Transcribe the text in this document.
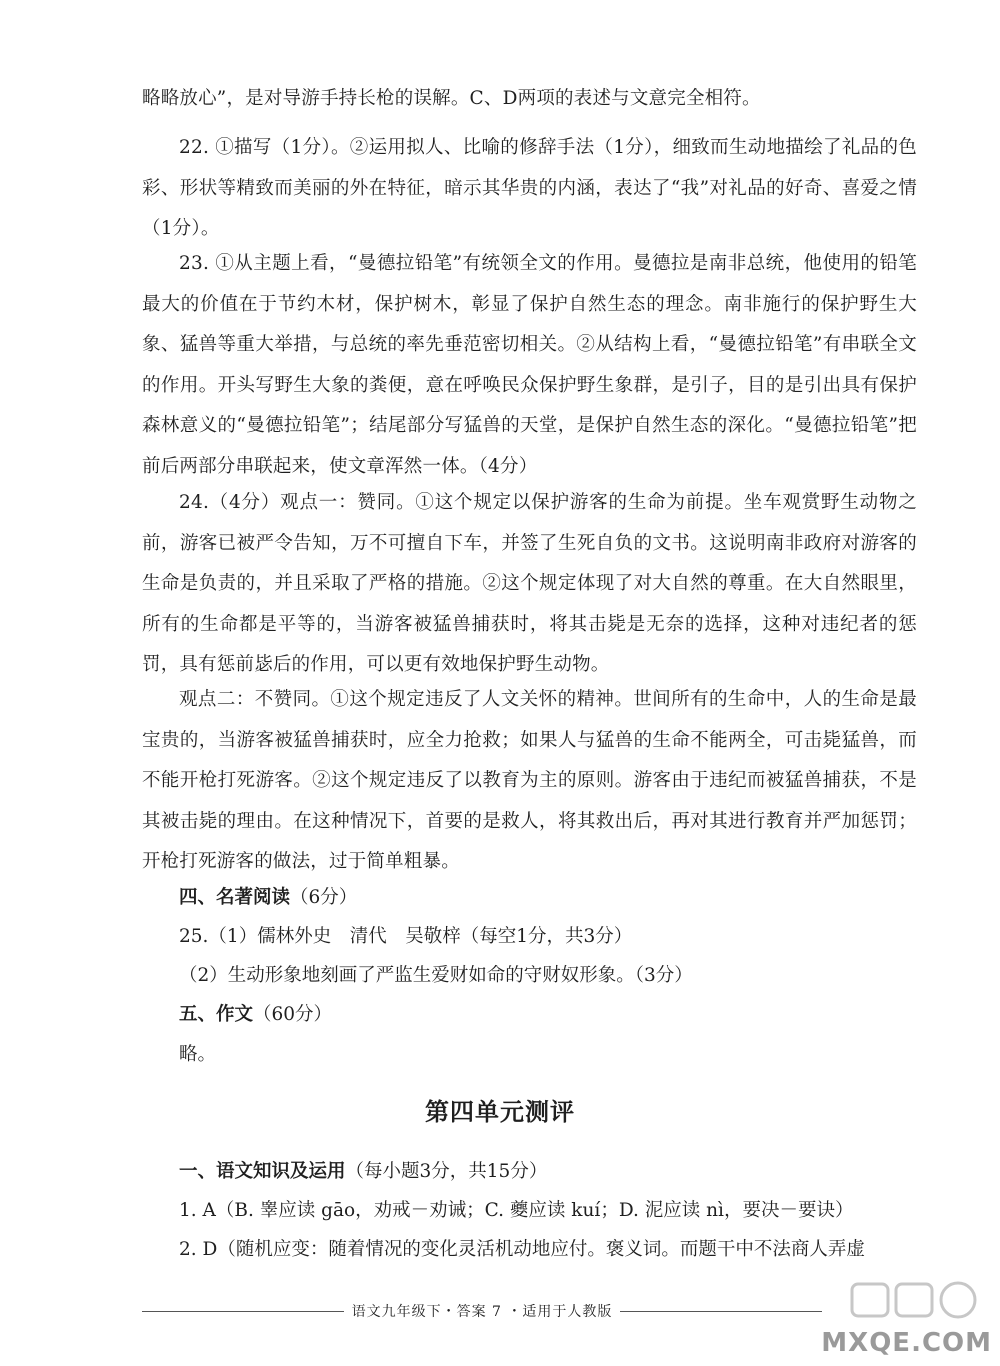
略略放心”，是对导游手持长枪的误解。C、D两项的表述与文意完全相符。

22. ①描写（1分）。②运用拟人、比喻的修辞手法（1分），细致而生动地描绘了礼品的色彩、形状等精致而美丽的外在特征，暗示其华贵的内涵，表达了“我”对礼品的好奇、喜爱之情（1分）。

23. ①从主题上看，“曼德拉铅笔”有统领全文的作用。曼德拉是南非总统，他使用的铅笔最大的价值在于节约木材，保护树木，彰显了保护自然生态的理念。南非施行的保护野生大象、猛兽等重大举措，与总统的率先垂范密切相关。②从结构上看，“曼德拉铅笔”有串联全文的作用。开头写野生大象的粪便，意在呼唤民众保护野生象群，是引子，目的是引出具有保护森林意义的“曼德拉铅笔”；结尾部分写猛兽的天堂，是保护自然生态的深化。“曼德拉铅笔”把前后两部分串联起来，使文章浑然一体。（4分）

24.（4分）观点一：赞同。①这个规定以保护游客的生命为前提。坐车观赏野生动物之前，游客已被严令告知，万不可擅自下车，并签了生死自负的文书。这说明南非政府对游客的生命是负责的，并且采取了严格的措施。②这个规定体现了对大自然的尊重。在大自然眼里，所有的生命都是平等的，当游客被猛兽捕获时，将其击毙是无奈的选择，这种对违纪者的惩罚，具有惩前毖后的作用，可以更有效地保护野生动物。

观点二：不赞同。①这个规定违反了人文关怀的精神。世间所有的生命中，人的生命是最宝贵的，当游客被猛兽捕获时，应全力抢救；如果人与猛兽的生命不能两全，可击毙猛兽，而不能开枪打死游客。②这个规定违反了以教育为主的原则。游客由于违纪而被猛兽捕获，不是其被击毙的理由。在这种情况下，首要的是救人，将其救出后，再对其进行教育并严加惩罚；开枪打死游客的做法，过于简单粗暴。

四、名著阅读（6分）
25.（1）儒林外史　清代　吴敬梓（每空1分，共3分）
（2）生动形象地刻画了严监生爱财如命的守财奴形象。（3分）
五、作文（60分）
略。
第四单元测评
一、语文知识及运用（每小题3分，共15分）
1. A（B. 睾应读 gāo，劝戒－劝诫；C. 夔应读 kuí；D. 泥应读 nì，要决－要诀）
2. D（随机应变：随着情况的变化灵活机动地应付。褒义词。而题干中不法商人弄虚
语文九年级下・答案 7 ・适用于人教版
MXQE.COM
